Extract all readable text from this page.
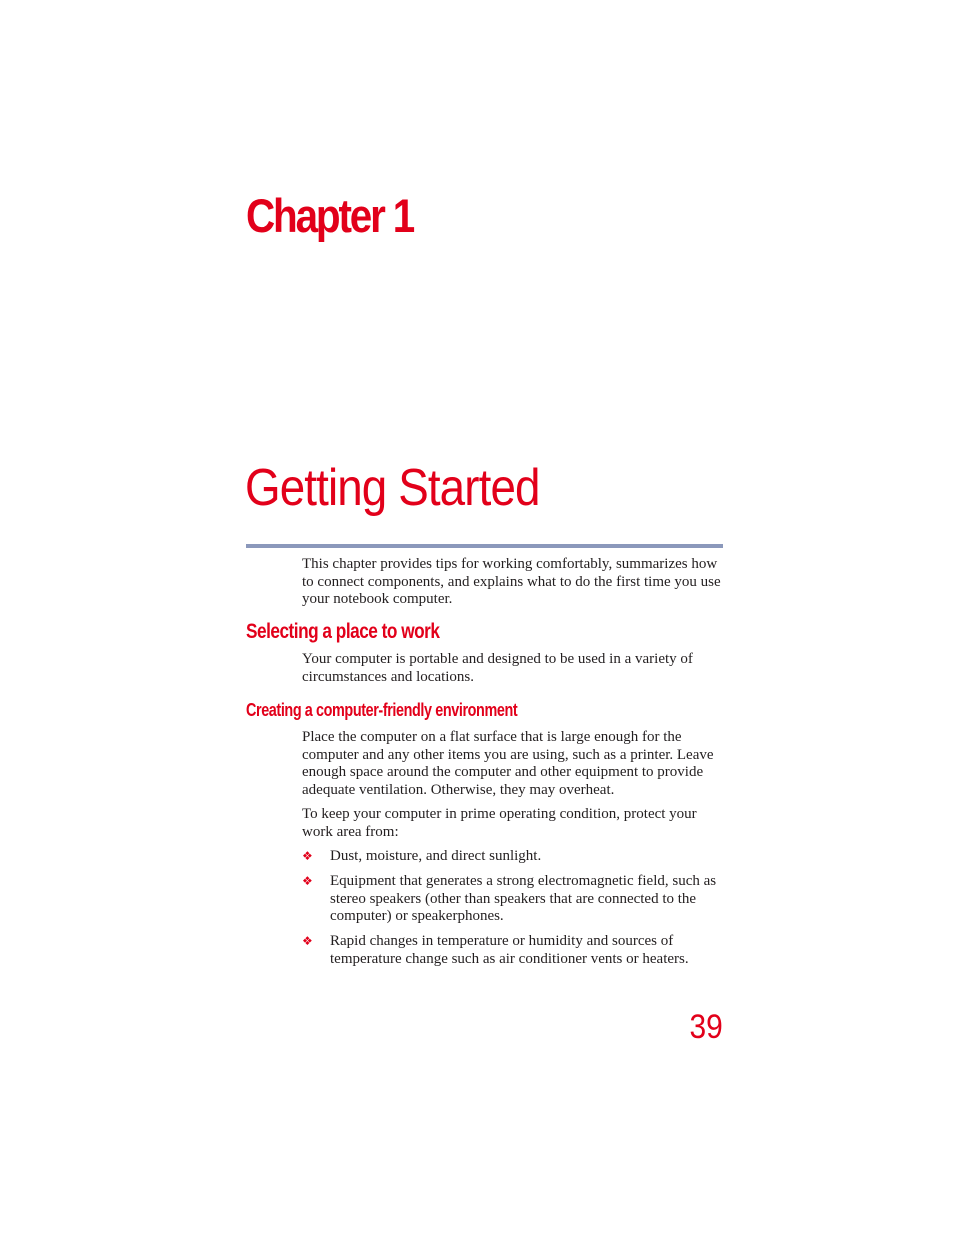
Chapter 1
Getting Started

This chapter provides tips for working comfortably, summarizes how to connect components, and explains what to do the first time you use your notebook computer.

Selecting a place to work

Your computer is portable and designed to be used in a variety of circumstances and locations.

Creating a computer-friendly environment

Place the computer on a flat surface that is large enough for the computer and any other items you are using, such as a printer. Leave enough space around the computer and other equipment to provide adequate ventilation. Otherwise, they may overheat.

To keep your computer in prime operating condition, protect your work area from:

❖ Dust, moisture, and direct sunlight.
❖ Equipment that generates a strong electromagnetic field, such as stereo speakers (other than speakers that are connected to the computer) or speakerphones.
❖ Rapid changes in temperature or humidity and sources of temperature change such as air conditioner vents or heaters.
39
